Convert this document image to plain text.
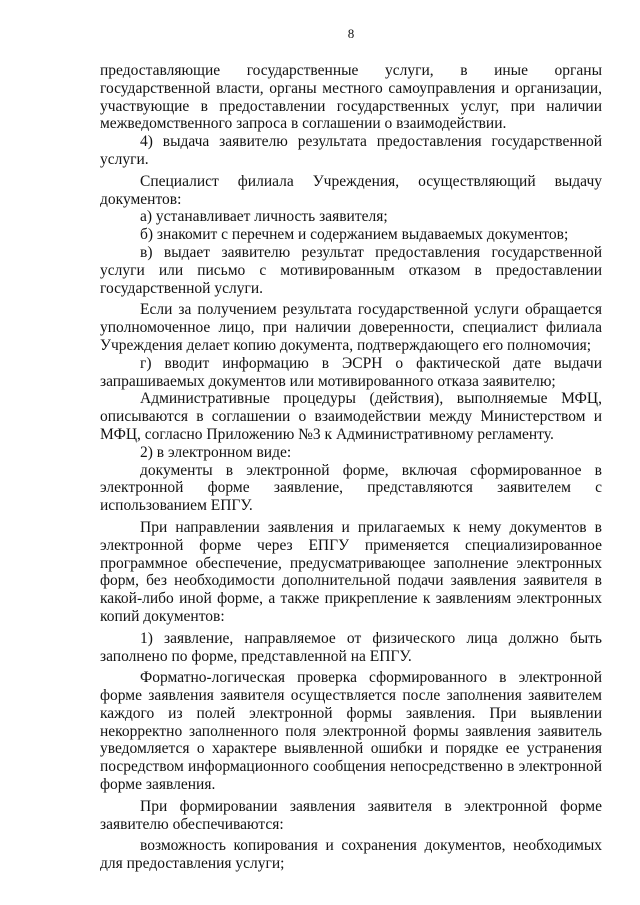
8

предоставляющие государственные услуги, в иные органы государственной власти, органы местного самоуправления и организации, участвующие в предоставлении государственных услуг, при наличии межведомственного запроса в соглашении о взаимодействии.

4) выдача заявителю результата предоставления государственной услуги.

Специалист филиала Учреждения, осуществляющий выдачу документов:

а) устанавливает личность заявителя;

б) знакомит с перечнем и содержанием выдаваемых документов;

в) выдает заявителю результат предоставления государственной услуги или письмо с мотивированным отказом в предоставлении государственной услуги.

Если за получением результата государственной услуги обращается уполномоченное лицо, при наличии доверенности, специалист филиала Учреждения делает копию документа, подтверждающего его полномочия;

г) вводит информацию в ЭСРН о фактической дате выдачи запрашиваемых документов или мотивированного отказа заявителю;

Административные процедуры (действия), выполняемые МФЦ, описываются в соглашении о взаимодействии между Министерством и МФЦ, согласно Приложению №3 к Административному регламенту.

2) в электронном виде:

документы в электронной форме, включая сформированное в электронной форме заявление, представляются заявителем с использованием ЕПГУ.

При направлении заявления и прилагаемых к нему документов в электронной форме через ЕПГУ применяется специализированное программное обеспечение, предусматривающее заполнение электронных форм, без необходимости дополнительной подачи заявления заявителя в какой-либо иной форме, а также прикрепление к заявлениям электронных копий документов:

1) заявление, направляемое от физического лица должно быть заполнено по форме, представленной на ЕПГУ.

Форматно-логическая проверка сформированного в электронной форме заявления заявителя осуществляется после заполнения заявителем каждого из полей электронной формы заявления. При выявлении некорректно заполненного поля электронной формы заявления заявитель уведомляется о характере выявленной ошибки и порядке ее устранения посредством информационного сообщения непосредственно в электронной форме заявления.

При формировании заявления заявителя в электронной форме заявителю обеспечиваются:

возможность копирования и сохранения документов, необходимых для предоставления услуги;
